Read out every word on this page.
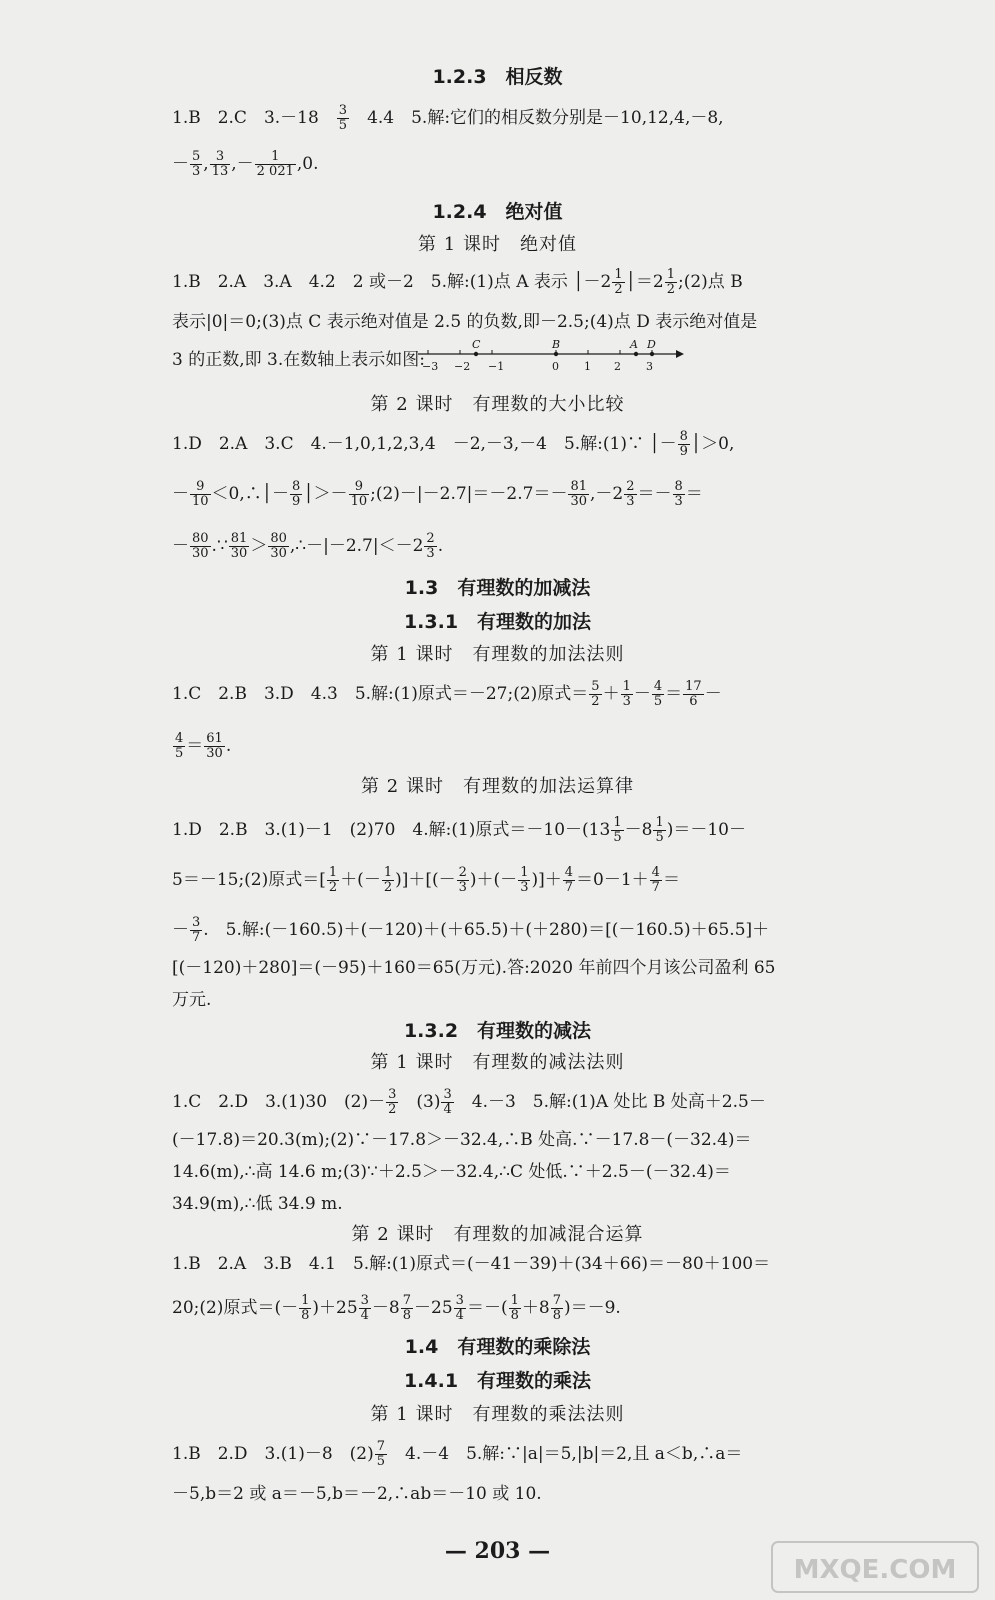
1.2.3　相反数
1.B　2.C　3.－18　 $\frac{3}{5}$ 　4.4　5.解:它们的相反数分别是－10,12,4,－8,
－ $\frac{5}{3}$ , $\frac{3}{13}$ ,－ $\frac{1}{2 021} ,0$.
1.2.4　绝对值
第 1 课时　绝对值
1.B　2.A　3.A　4.2　2 或－2　5.解:(1)点 A 表示 │－2 $\frac{1}{2}$ │＝2 $\frac{1}{2}$ ;(2)点 B
表示|0|＝0;(3)点 C 表示绝对值是 2.5 的负数,即－2.5;(4)点 D 表示绝对值是
3 的正数,即 3.在数轴上表示如图:
C	B	A D
−3 −2 −1	0 1 2 3
第 2 课时　有理数的大小比较
1.D　2.A　3.C　4.－1,0,1,2,3,4　－2,－3,－4　5.解:(1)∵ │－ $\frac{8}{9}$ │＞0,
－ $\frac{9}{10}$ ＜0,∴│－ $\frac{8}{9}$ │＞－ $\frac{9}{10}$ ;(2)－|－2.7|＝－2.7＝－ $\frac{81}{30} ,-2 \frac{2}{3} =- \frac{8}{3}$ ＝
－ $\frac{80}{30}$ .∵ $\frac{81}{30} > \frac{80}{30}$ ,∴－|－2.7|＜－2 $\frac{2}{3}$ .
1.3　有理数的加减法
1.3.1　有理数的加法
第 1 课时　有理数的加法法则
1.C　2.B　3.D　4.3　5.解:(1)原式＝－27;(2)原式＝ $\frac{5}{2} + \frac{1}{3} - \frac{4}{5} = \frac{17}{6}$ －
$\frac{4}{5} = \frac{61}{30}$ .
第 2 课时　有理数的加法运算律
1.D　2.B　3.(1)－1　(2)70　4.解:(1)原式$=-10-(13 \frac{1}{5} -8 \frac{1}{5} )=-10-$
5＝－15;(2)原式＝[ $\frac{1}{2}$ ＋(－ $\frac{1}{2}$ )]＋[(－ $\frac{2}{3}$ )＋(－ $\frac{1}{3}$ )]＋ $\frac{4}{7} =0-1+ \frac{4}{7}$ ＝
－ $\frac{3}{7}$ .　5.解:(－160.5)＋(－120)＋(＋65.5)＋(＋280)＝[(－160.5)＋65.5]＋
[(－120)＋280]＝(－95)＋160＝65(万元).答:2020 年前四个月该公司盈利 65
万元.
1.3.2　有理数的减法
第 1 课时　有理数的减法法则
1.C　2.D　3.(1)30　$(2)- \frac{3}{2}$ 　$(3) \frac{3}{4}$
　 4.－3　5.解:(1)A 处比 B 处高＋2.5－
(－17.8)＝20.3(m);(2)∵－17.8＞－32.4,∴B 处高.∵－17.8－(－32.4)＝
14.6(m),∴高 14.6 m;(3)∵＋2.5＞－32.4,∴C 处低.∵＋2.5－(－32.4)＝
34.9(m),∴低 34.9 m.
第 2 课时　有理数的加减混合运算
1.B　2.A　3.B　4.1　5.解:(1)原式＝(－41－39)＋(34＋66)＝－80＋100＝
20;(2)原式＝(－ $\frac{1}{8} )+25 \frac{3}{4} -8 \frac{7}{8} -25 \frac{3}{4}$ ＝－( $\frac{1}{8} +8 \frac{7}{8} )=-9$.
1.4　有理数的乘除法
1.4.1　有理数的乘法
第 1 课时　有理数的乘法法则
1.B　2.D　3.(1)－8　$(2) \frac{7}{5}$ 　4.－4　5.解:∵|a|＝5,|b|＝2,且 a＜b,∴a＝
－5,b＝2 或 a＝－5,b＝－2,∴ab＝－10 或 10.
— 203 —
MXQE.COM
